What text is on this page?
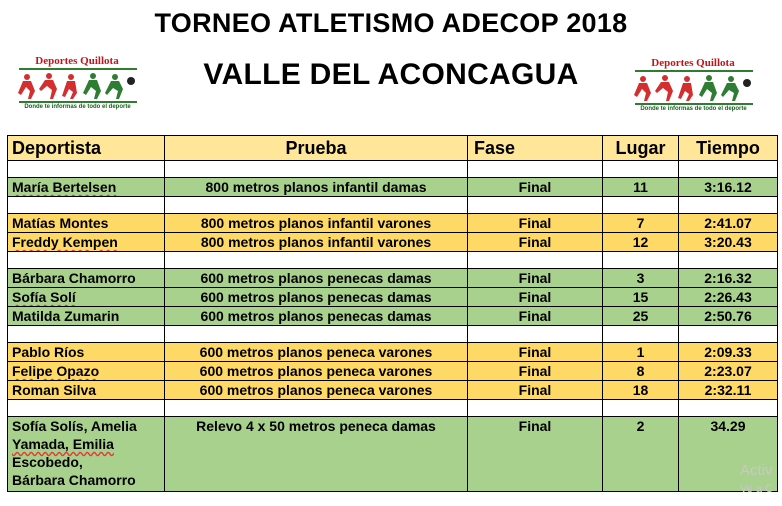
TORNEO ATLETISMO ADECOP 2018
VALLE DEL ACONCAGUA
Deportes Quillota
Donde te informas de todo el deporte
Deportes Quillota
Donde te informas de todo el deporte
Deportista	Prueba	Fase	Lugar	Tiempo

María Bertelsen	800 metros planos infantil damas	Final	11	3:16.12

Matías Montes	800 metros planos infantil varones	Final	7	2:41.07
Freddy Kempen	800 metros planos infantil varones	Final	12	3:20.43

Bárbara Chamorro	600 metros planos penecas damas	Final	3	2:16.32
Sofía Solí	600 metros planos penecas damas	Final	15	2:26.43
Matilda Zumarin	600 metros planos penecas damas	Final	25	2:50.76

Pablo Ríos	600 metros planos peneca varones	Final	1	2:09.33
Felipe Opazo	600 metros planos peneca varones	Final	8	2:23.07
Roman Silva	600 metros planos peneca varones	Final	18	2:32.11

Sofía Solís, Amelia
Yamada, Emilia
Escobedo,
Bárbara Chamorro	Relevo 4 x 50 metros peneca damas	Final	2	34.29
Activ
Ve a C
